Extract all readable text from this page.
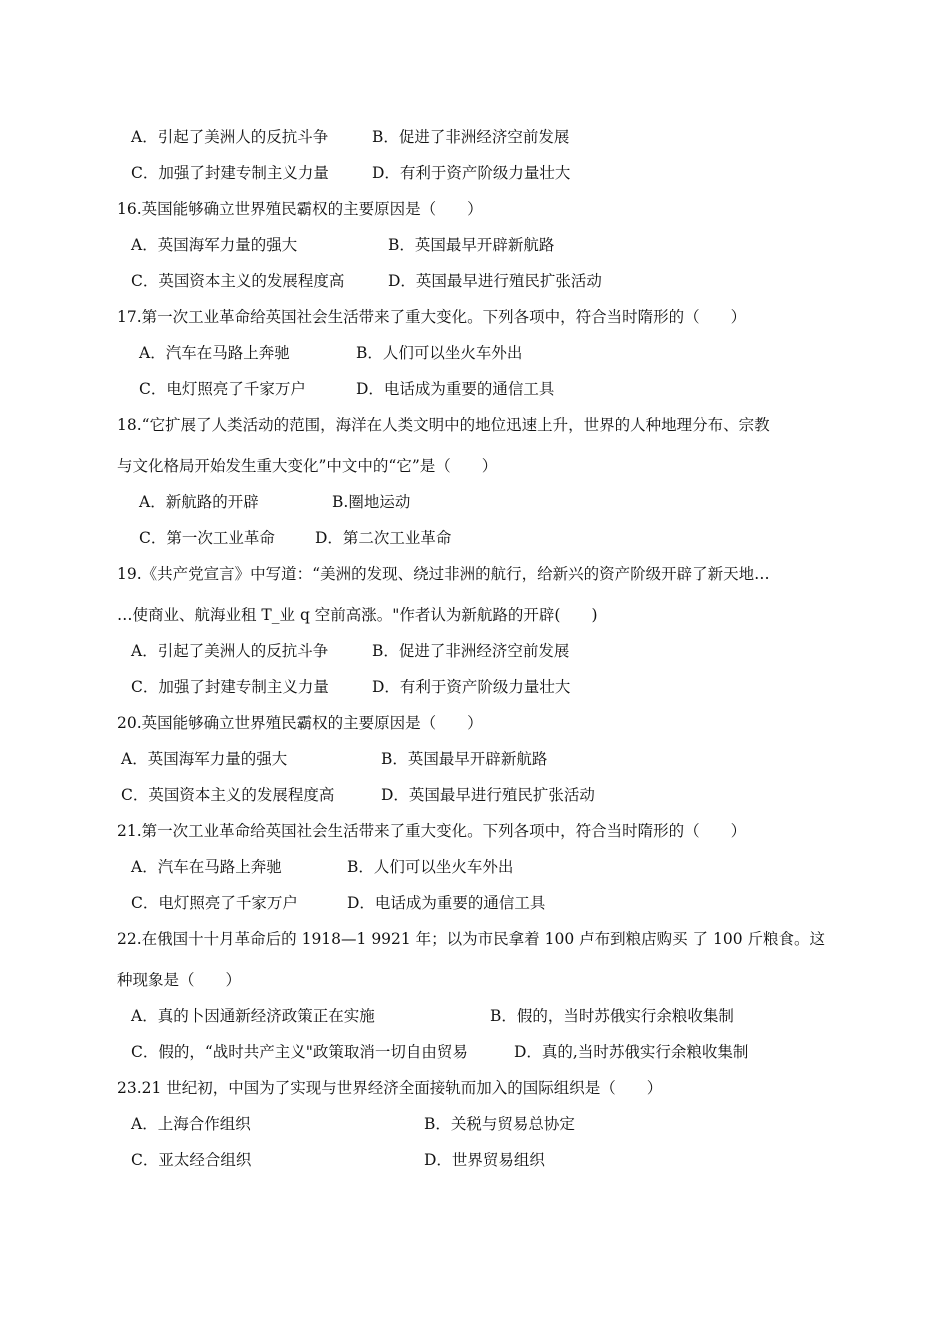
A．引起了美洲人的反抗斗争	B．促进了非洲经济空前发展
C．加强了封建专制主义力量	D．有利于资产阶级力量壮大
16.英国能够确立世界殖民霸权的主要原因是（　　）
A．英国海军力量的强大	B．英国最早开辟新航路
C．英国资本主义的发展程度高	D．英国最早进行殖民扩张活动
17.第一次工业革命给英国社会生活带来了重大变化。下列各项中，符合当时隋形的（　　）
A．汽车在马路上奔驰	B．人们可以坐火车外出
C．电灯照亮了千家万户	D．电话成为重要的通信工具
18.“它扩展了人类活动的范围，海洋在人类文明中的地位迅速上升，世界的人种地理分布、宗教
与文化格局开始发生重大变化”中文中的“它”是（　　）
A．新航路的开辟	B.圈地运动
C．第一次工业革命	D．第二次工业革命
19.《共产党宣言》中写道：“美洲的发现、绕过非洲的航行，给新兴的资产阶级开辟了新天地…
…使商业、航海业租 T_业 q 空前高涨。"作者认为新航路的开辟(　　)
A．引起了美洲人的反抗斗争	B．促进了非洲经济空前发展
C．加强了封建专制主义力量	D．有利于资产阶级力量壮大
20.英国能够确立世界殖民霸权的主要原因是（　　）
A．英国海军力量的强大	B．英国最早开辟新航路
C．英国资本主义的发展程度高	D．英国最早进行殖民扩张活动
21.第一次工业革命给英国社会生活带来了重大变化。下列各项中，符合当时隋形的（　　）
A．汽车在马路上奔驰	B．人们可以坐火车外出
C．电灯照亮了千家万户	D．电话成为重要的通信工具
22.在俄国十十月革命后的 1918—1 9921 年；以为市民拿着 100 卢布到粮店购买 了 100 斤粮食。这
种现象是（　　）
A．真的卜因通新经济政策正在实施	B．假的，当时苏俄实行余粮收集制
C．假的，“战时共产主义"政策取消一切自由贸易	D．真的,当时苏俄实行余粮收集制
23.21 世纪初，中国为了实现与世界经济全面接轨而加入的国际组织是（　　）
A．上海合作组织	B．关税与贸易总协定
C．亚太经合组织	D．世界贸易组织
